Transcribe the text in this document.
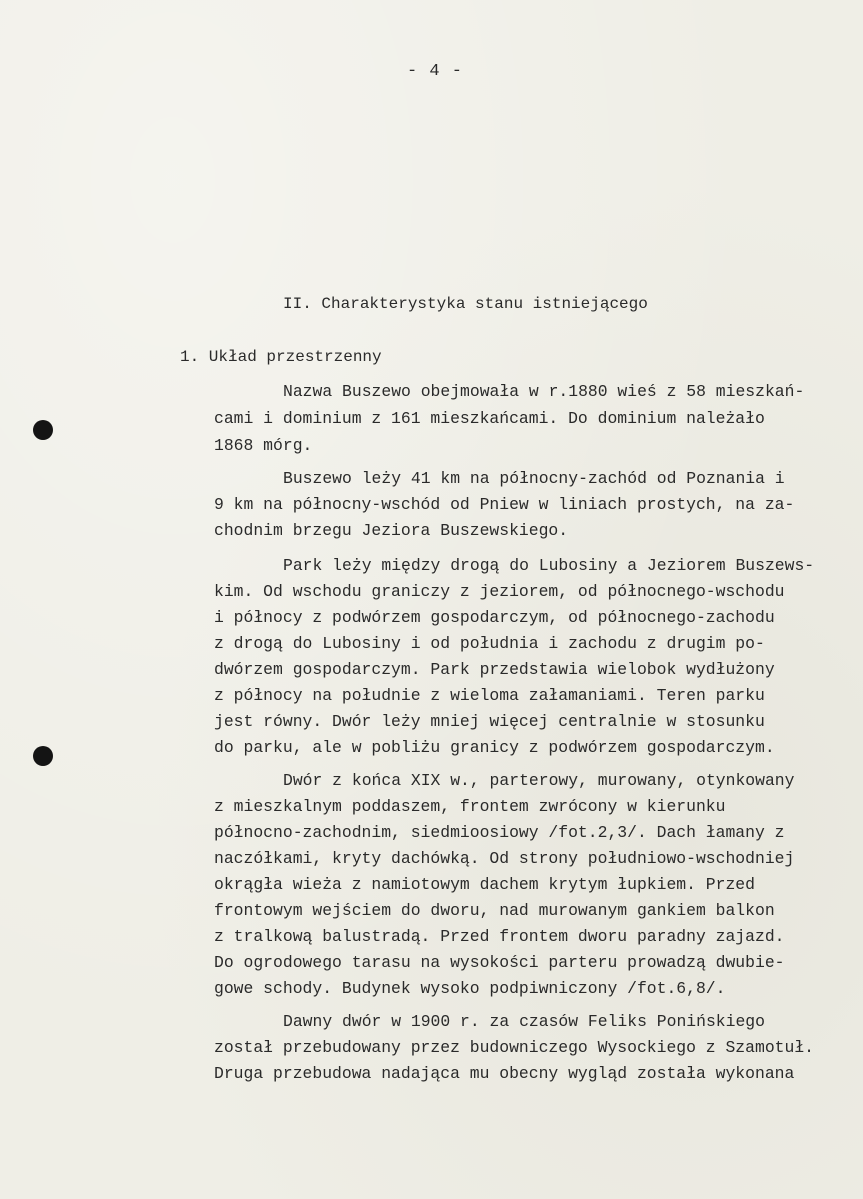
- 4 -
II. Charakterystyka stanu istniejącego
1. Układ przestrzenny
Nazwa Buszewo obejmowała w r.1880 wieś z 58 mieszkań-
cami i dominium z 161 mieszkańcami. Do dominium należało
1868 mórg.
Buszewo leży 41 km na północny-zachód od Poznania i
9 km na północny-wschód od Pniew w liniach prostych, na za-
chodnim brzegu Jeziora Buszewskiego.
Park leży między drogą do Lubosiny a Jeziorem Buszews-
kim. Od wschodu graniczy z jeziorem, od północnego-wschodu
i północy z podwórzem gospodarczym, od północnego-zachodu
z drogą do Lubosiny i od południa i zachodu z drugim po-
dwórzem gospodarczym. Park przedstawia wielobok wydłużony
z północy na południe z wieloma załamaniami. Teren parku
jest równy. Dwór leży mniej więcej centralnie w stosunku
do parku, ale w pobliżu granicy z podwórzem gospodarczym.
Dwór z końca XIX w., parterowy, murowany, otynkowany
z mieszkalnym poddaszem, frontem zwrócony w kierunku
północno-zachodnim, siedmioosiowy /fot.2,3/. Dach łamany z
naczółkami, kryty dachówką. Od strony południowo-wschodniej
okrągła wieża z namiotowym dachem krytym łupkiem. Przed
frontowym wejściem do dworu, nad murowanym gankiem balkon
z tralkową balustradą. Przed frontem dworu paradny zajazd.
Do ogrodowego tarasu na wysokości parteru prowadzą dwubie-
gowe schody. Budynek wysoko podpiwniczony /fot.6,8/.
Dawny dwór w 1900 r. za czasów Feliks Ponińskiego
został przebudowany przez budowniczego Wysockiego z Szamotuł.
Druga przebudowa nadająca mu obecny wygląd została wykonana
